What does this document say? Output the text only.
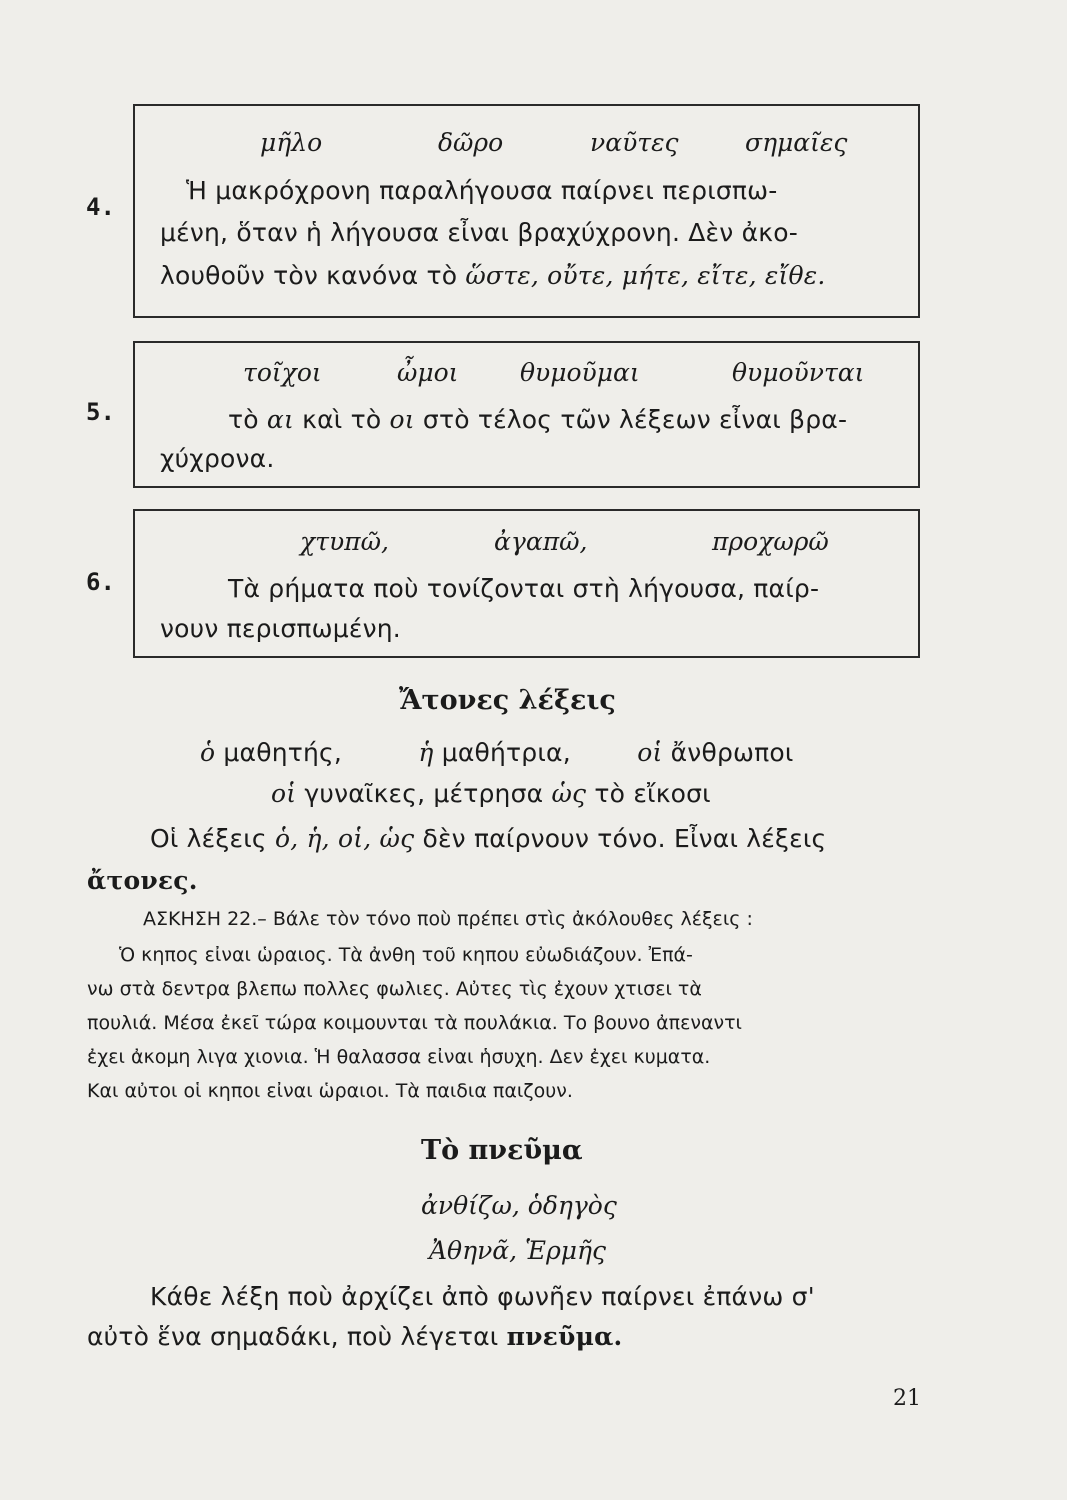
4.
μῆλο	δῶρο	ναῦτες	σημαῖες
Ἡ μακρόχρονη παραλήγουσα παίρνει περισπω-
μένη, ὅταν ἡ λήγουσα εἶναι βραχύχρονη. Δὲν ἀκο-
λουθοῦν τὸν κανόνα τὸ ὥστε, οὔτε, μήτε, εἴτε, εἴθε.
5.
τοῖχοι	ὦμοι θυμοῦμαι	θυμοῦνται
τὸ αι καὶ τὸ οι στὸ τέλος τῶν λέξεων εἶναι βρα-
χύχρονα.
6.
χτυπῶ,	ἀγαπῶ,	προχωρῶ
Τὰ ρήματα ποὺ τονίζονται στὴ λήγουσα, παίρ-
νουν περισπωμένη.
Ἄτονες λέξεις
ὁ μαθητής,	ἡ μαθήτρια,	οἱ ἄνθρωποι
οἱ γυναῖκες, μέτρησα ὡς τὸ εἴκοσι
Οἱ λέξεις ὁ, ἡ, οἱ, ὡς δὲν παίρνουν τόνο. Εἶναι λέξεις
ἄτονες.
ΑΣΚΗΣΗ 22.– Βάλε τὸν τόνο ποὺ πρέπει στὶς ἀκόλουθες λέξεις :
Ὁ κηπος εἰναι ὡραιος. Τὰ ἀνθη τοῦ κηπου εὐωδιάζουν. Ἐπά-
νω στὰ δεντρα βλεπω πολλες φωλιες. Αὐτες τὶς ἐχουν χτισει τὰ
πουλιά. Μέσα ἐκεῖ τώρα κοιμουνται τὰ πουλάκια. Το βουνο ἀπεναντι
ἐχει ἀκομη λιγα χιονια. Ἡ θαλασσα εἰναι ἡσυχη. Δεν ἐχει κυματα.
Και αὐτοι οἱ κηποι εἰναι ὡραιοι. Τὰ παιδια παιζουν.
Τὸ πνεῦμα
ἀνθίζω, ὁδηγὸς
Ἀθηνᾶ, Ἑρμῆς
Κάθε λέξη ποὺ ἀρχίζει ἀπὸ φωνῆεν παίρνει ἐπάνω σ'
αὐτὸ ἕνα σημαδάκι, ποὺ λέγεται πνεῦμα.
21
